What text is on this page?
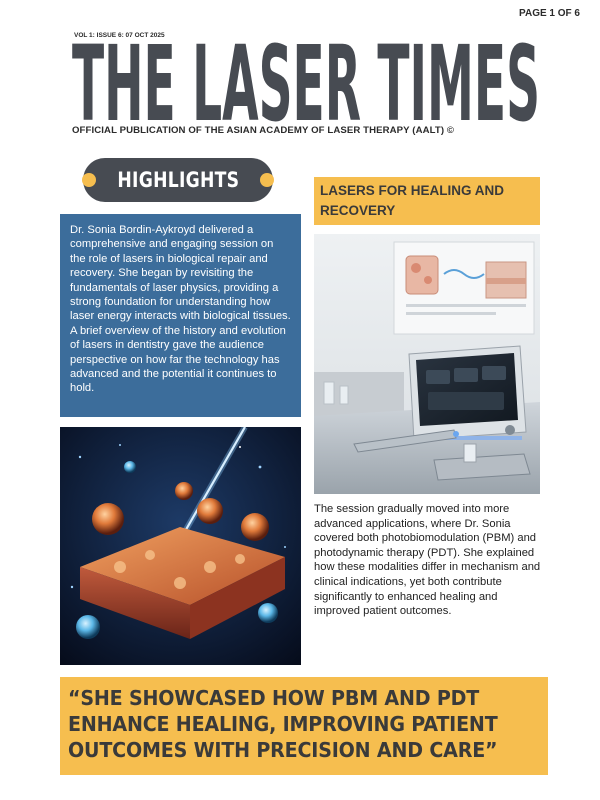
PAGE 1 OF 6
VOL 1: ISSUE 6: 07 OCT 2025
THE LASER TIMES
OFFICIAL PUBLICATION OF THE ASIAN ACADEMY OF LASER THERAPY (AALT) ©
HIGHLIGHTS	LASERS FOR HEALING AND RECOVERY
Dr. Sonia Bordin-Aykroyd delivered a comprehensive and engaging session on the role of lasers in biological repair and recovery. She began by revisiting the fundamentals of laser physics, providing a strong foundation for understanding how laser energy interacts with biological tissues. A brief overview of the history and evolution of lasers in dentistry gave the audience perspective on how far the technology has advanced and the potential it continues to hold.
The session gradually moved into more advanced applications, where Dr. Sonia covered both photobiomodulation (PBM) and photodynamic therapy (PDT). She explained how these modalities differ in mechanism and clinical indications, yet both contribute significantly to enhanced healing and improved patient outcomes.
“SHE SHOWCASED HOW PBM AND PDT
ENHANCE HEALING, IMPROVING PATIENT
OUTCOMES WITH PRECISION AND CARE”
